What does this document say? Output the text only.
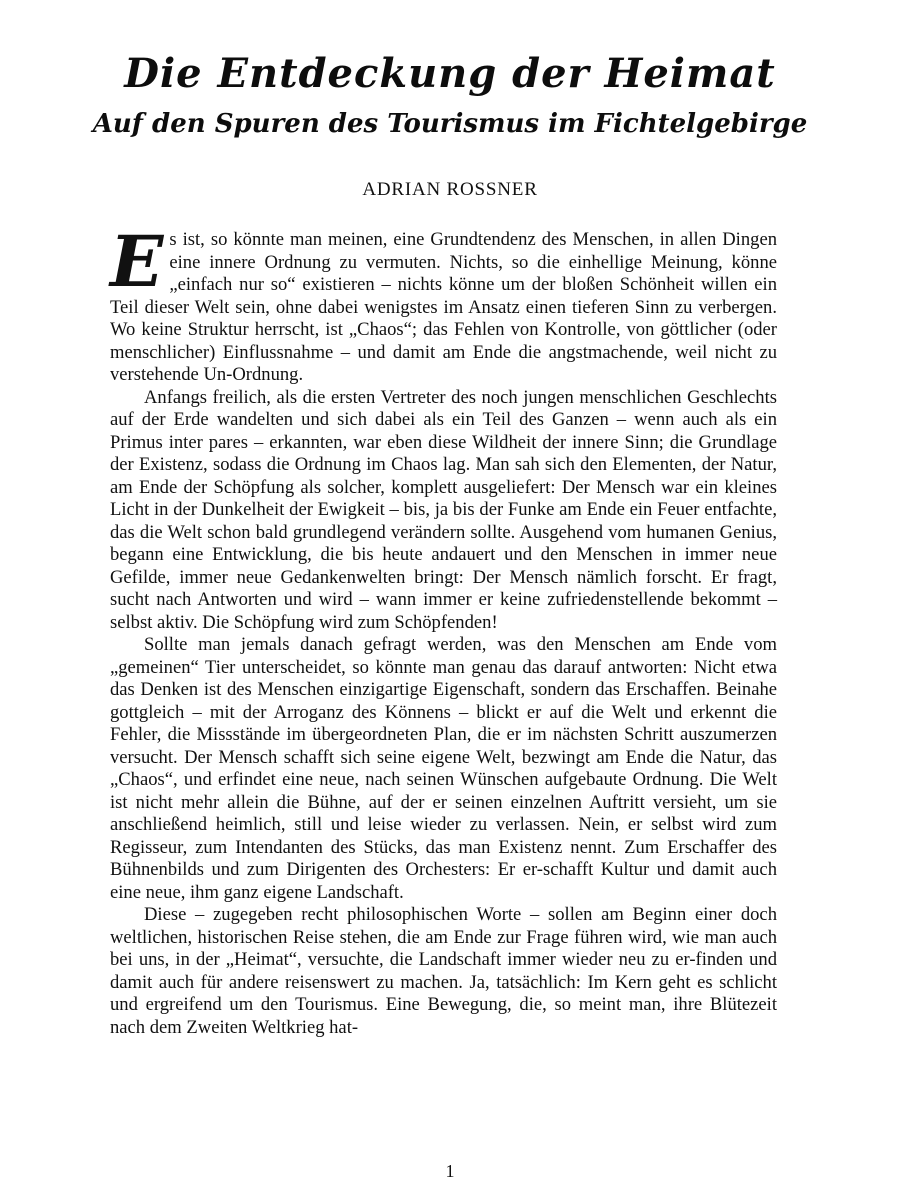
Die Entdeckung der Heimat
Auf den Spuren des Tourismus im Fichtelgebirge

ADRIAN ROSSNER

Es ist, so könnte man meinen, eine Grundtendenz des Menschen, in allen Dingen eine innere Ordnung zu vermuten. Nichts, so die einhellige Meinung, könne „einfach nur so“ existieren – nichts könne um der bloßen Schönheit willen ein Teil dieser Welt sein, ohne dabei wenigstes im Ansatz einen tieferen Sinn zu verbergen. Wo keine Struktur herrscht, ist „Chaos“; das Fehlen von Kontrolle, von göttlicher (oder menschlicher) Einflussnahme – und damit am Ende die angstmachende, weil nicht zu verstehende Un-Ordnung.

Anfangs freilich, als die ersten Vertreter des noch jungen menschlichen Geschlechts auf der Erde wandelten und sich dabei als ein Teil des Ganzen – wenn auch als ein Primus inter pares – erkannten, war eben diese Wildheit der innere Sinn; die Grundlage der Existenz, sodass die Ordnung im Chaos lag. Man sah sich den Elementen, der Natur, am Ende der Schöpfung als solcher, komplett ausgeliefert: Der Mensch war ein kleines Licht in der Dunkelheit der Ewigkeit – bis, ja bis der Funke am Ende ein Feuer entfachte, das die Welt schon bald grundlegend verändern sollte. Ausgehend vom humanen Genius, begann eine Entwicklung, die bis heute andauert und den Menschen in immer neue Gefilde, immer neue Gedankenwelten bringt: Der Mensch nämlich forscht. Er fragt, sucht nach Antworten und wird – wann immer er keine zufriedenstellende bekommt – selbst aktiv. Die Schöpfung wird zum Schöpfenden!

Sollte man jemals danach gefragt werden, was den Menschen am Ende vom „gemeinen“ Tier unterscheidet, so könnte man genau das darauf antworten: Nicht etwa das Denken ist des Menschen einzigartige Eigenschaft, sondern das Erschaffen. Beinahe gottgleich – mit der Arroganz des Könnens – blickt er auf die Welt und erkennt die Fehler, die Missstände im übergeordneten Plan, die er im nächsten Schritt auszumerzen versucht. Der Mensch schafft sich seine eigene Welt, bezwingt am Ende die Natur, das „Chaos“, und erfindet eine neue, nach seinen Wünschen aufgebaute Ordnung. Die Welt ist nicht mehr allein die Bühne, auf der er seinen einzelnen Auftritt versieht, um sie anschließend heimlich, still und leise wieder zu verlassen. Nein, er selbst wird zum Regisseur, zum Intendanten des Stücks, das man Existenz nennt. Zum Erschaffer des Bühnenbilds und zum Dirigenten des Orchesters: Er er-schafft Kultur und damit auch eine neue, ihm ganz eigene Landschaft.

Diese – zugegeben recht philosophischen Worte – sollen am Beginn einer doch weltlichen, historischen Reise stehen, die am Ende zur Frage führen wird, wie man auch bei uns, in der „Heimat“, versuchte, die Landschaft immer wieder neu zu er-finden und damit auch für andere reisenswert zu machen. Ja, tatsächlich: Im Kern geht es schlicht und ergreifend um den Tourismus. Eine Bewegung, die, so meint man, ihre Blütezeit nach dem Zweiten Weltkrieg hat-

1
